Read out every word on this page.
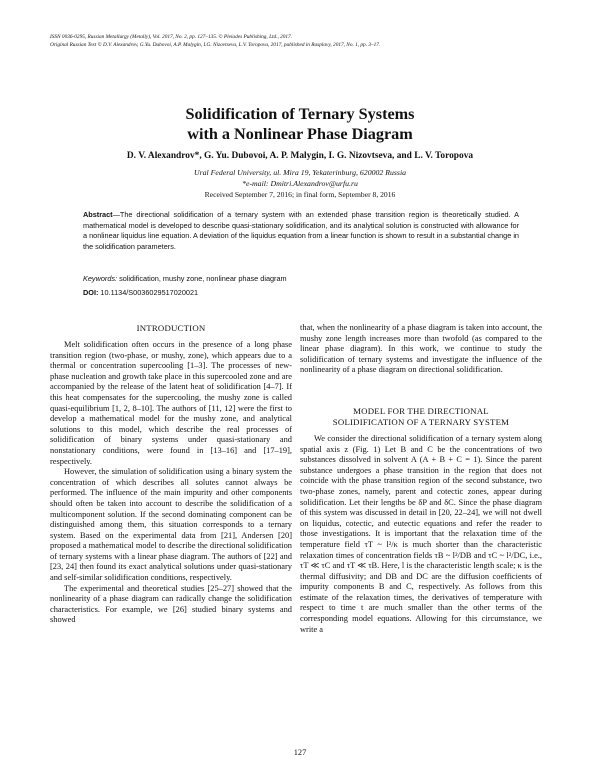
ISSN 0036-0295, Russian Metallurgy (Metally), Vol. 2017, No. 2, pp. 127–135. © Pleiades Publishing, Ltd., 2017.
Original Russian Text © D.V. Alexandrov, G.Yu. Dubovoi, A.P. Malygin, I.G. Nizovtseva, L.V. Toropova, 2017, published in Rasplavy, 2017, No. 1, pp. 3–17.
Solidification of Ternary Systems
with a Nonlinear Phase Diagram
D. V. Alexandrov*, G. Yu. Dubovoi, A. P. Malygin, I. G. Nizovtseva, and L. V. Toropova
Ural Federal University, ul. Mira 19, Yekaterinburg, 620002 Russia
*e-mail: Dmitri.Alexandrov@urfu.ru
Received September 7, 2016; in final form, September 8, 2016
Abstract—The directional solidification of a ternary system with an extended phase transition region is theoretically studied. A mathematical model is developed to describe quasi-stationary solidification, and its analytical solution is constructed with allowance for a nonlinear liquidus line equation. A deviation of the liquidus equation from a linear function is shown to result in a substantial change in the solidification parameters.
Keywords: solidification, mushy zone, nonlinear phase diagram
DOI: 10.1134/S0036029517020021
INTRODUCTION

Melt solidification often occurs in the presence of a long phase transition region (two-phase, or mushy, zone), which appears due to a thermal or concentration supercooling [1–3]. The processes of new-phase nucleation and growth take place in this supercooled zone and are accompanied by the release of the latent heat of solidification [4–7]. If this heat compensates for the supercooling, the mushy zone is called quasi-equilibrium [1, 2, 8–10]. The authors of [11, 12] were the first to develop a mathematical model for the mushy zone, and analytical solutions to this model, which describe the real processes of solidification of binary systems under quasi-stationary and nonstationary conditions, were found in [13–16] and [17–19], respectively.

However, the simulation of solidification using a binary system the concentration of which describes all solutes cannot always be performed. The influence of the main impurity and other components should often be taken into account to describe the solidification of a multicomponent solution. If the second dominating component can be distinguished among them, this situation corresponds to a ternary system. Based on the experimental data from [21], Andersen [20] proposed a mathematical model to describe the directional solidification of ternary systems with a linear phase diagram. The authors of [22] and [23, 24] then found its exact analytical solutions under quasi-stationary and self-similar solidification conditions, respectively.

The experimental and theoretical studies [25–27] showed that the nonlinearity of a phase diagram can radically change the solidification characteristics. For example, we [26] studied binary systems and showed

that, when the nonlinearity of a phase diagram is taken into account, the mushy zone length increases more than twofold (as compared to the linear phase diagram). In this work, we continue to study the solidification of ternary systems and investigate the influence of the nonlinearity of a phase diagram on directional solidification.

MODEL FOR THE DIRECTIONAL
SOLIDIFICATION OF A TERNARY SYSTEM

We consider the directional solidification of a ternary system along spatial axis z (Fig. 1) Let B and C be the concentrations of two substances dissolved in solvent A (A + B + C = 1). Since the parent substance undergoes a phase transition in the region that does not coincide with the phase transition region of the second substance, two two-phase zones, namely, parent and cotectic zones, appear during solidification. Let their lengths be δP and δC. Since the phase diagram of this system was discussed in detail in [20, 22–24], we will not dwell on liquidus, cotectic, and eutectic equations and refer the reader to those investigations. It is important that the relaxation time of the temperature field τT ~ l²/κ is much shorter than the characteristic relaxation times of concentration fields τB ~ l²/DB and τC ~ l²/DC, i.e., τT ≪ τC and τT ≪ τB. Here, l is the characteristic length scale; κ is the thermal diffusivity; and DB and DC are the diffusion coefficients of impurity components B and C, respectively. As follows from this estimate of the relaxation times, the derivatives of temperature with respect to time t are much smaller than the other terms of the corresponding model equations. Allowing for this circumstance, we write a

127
